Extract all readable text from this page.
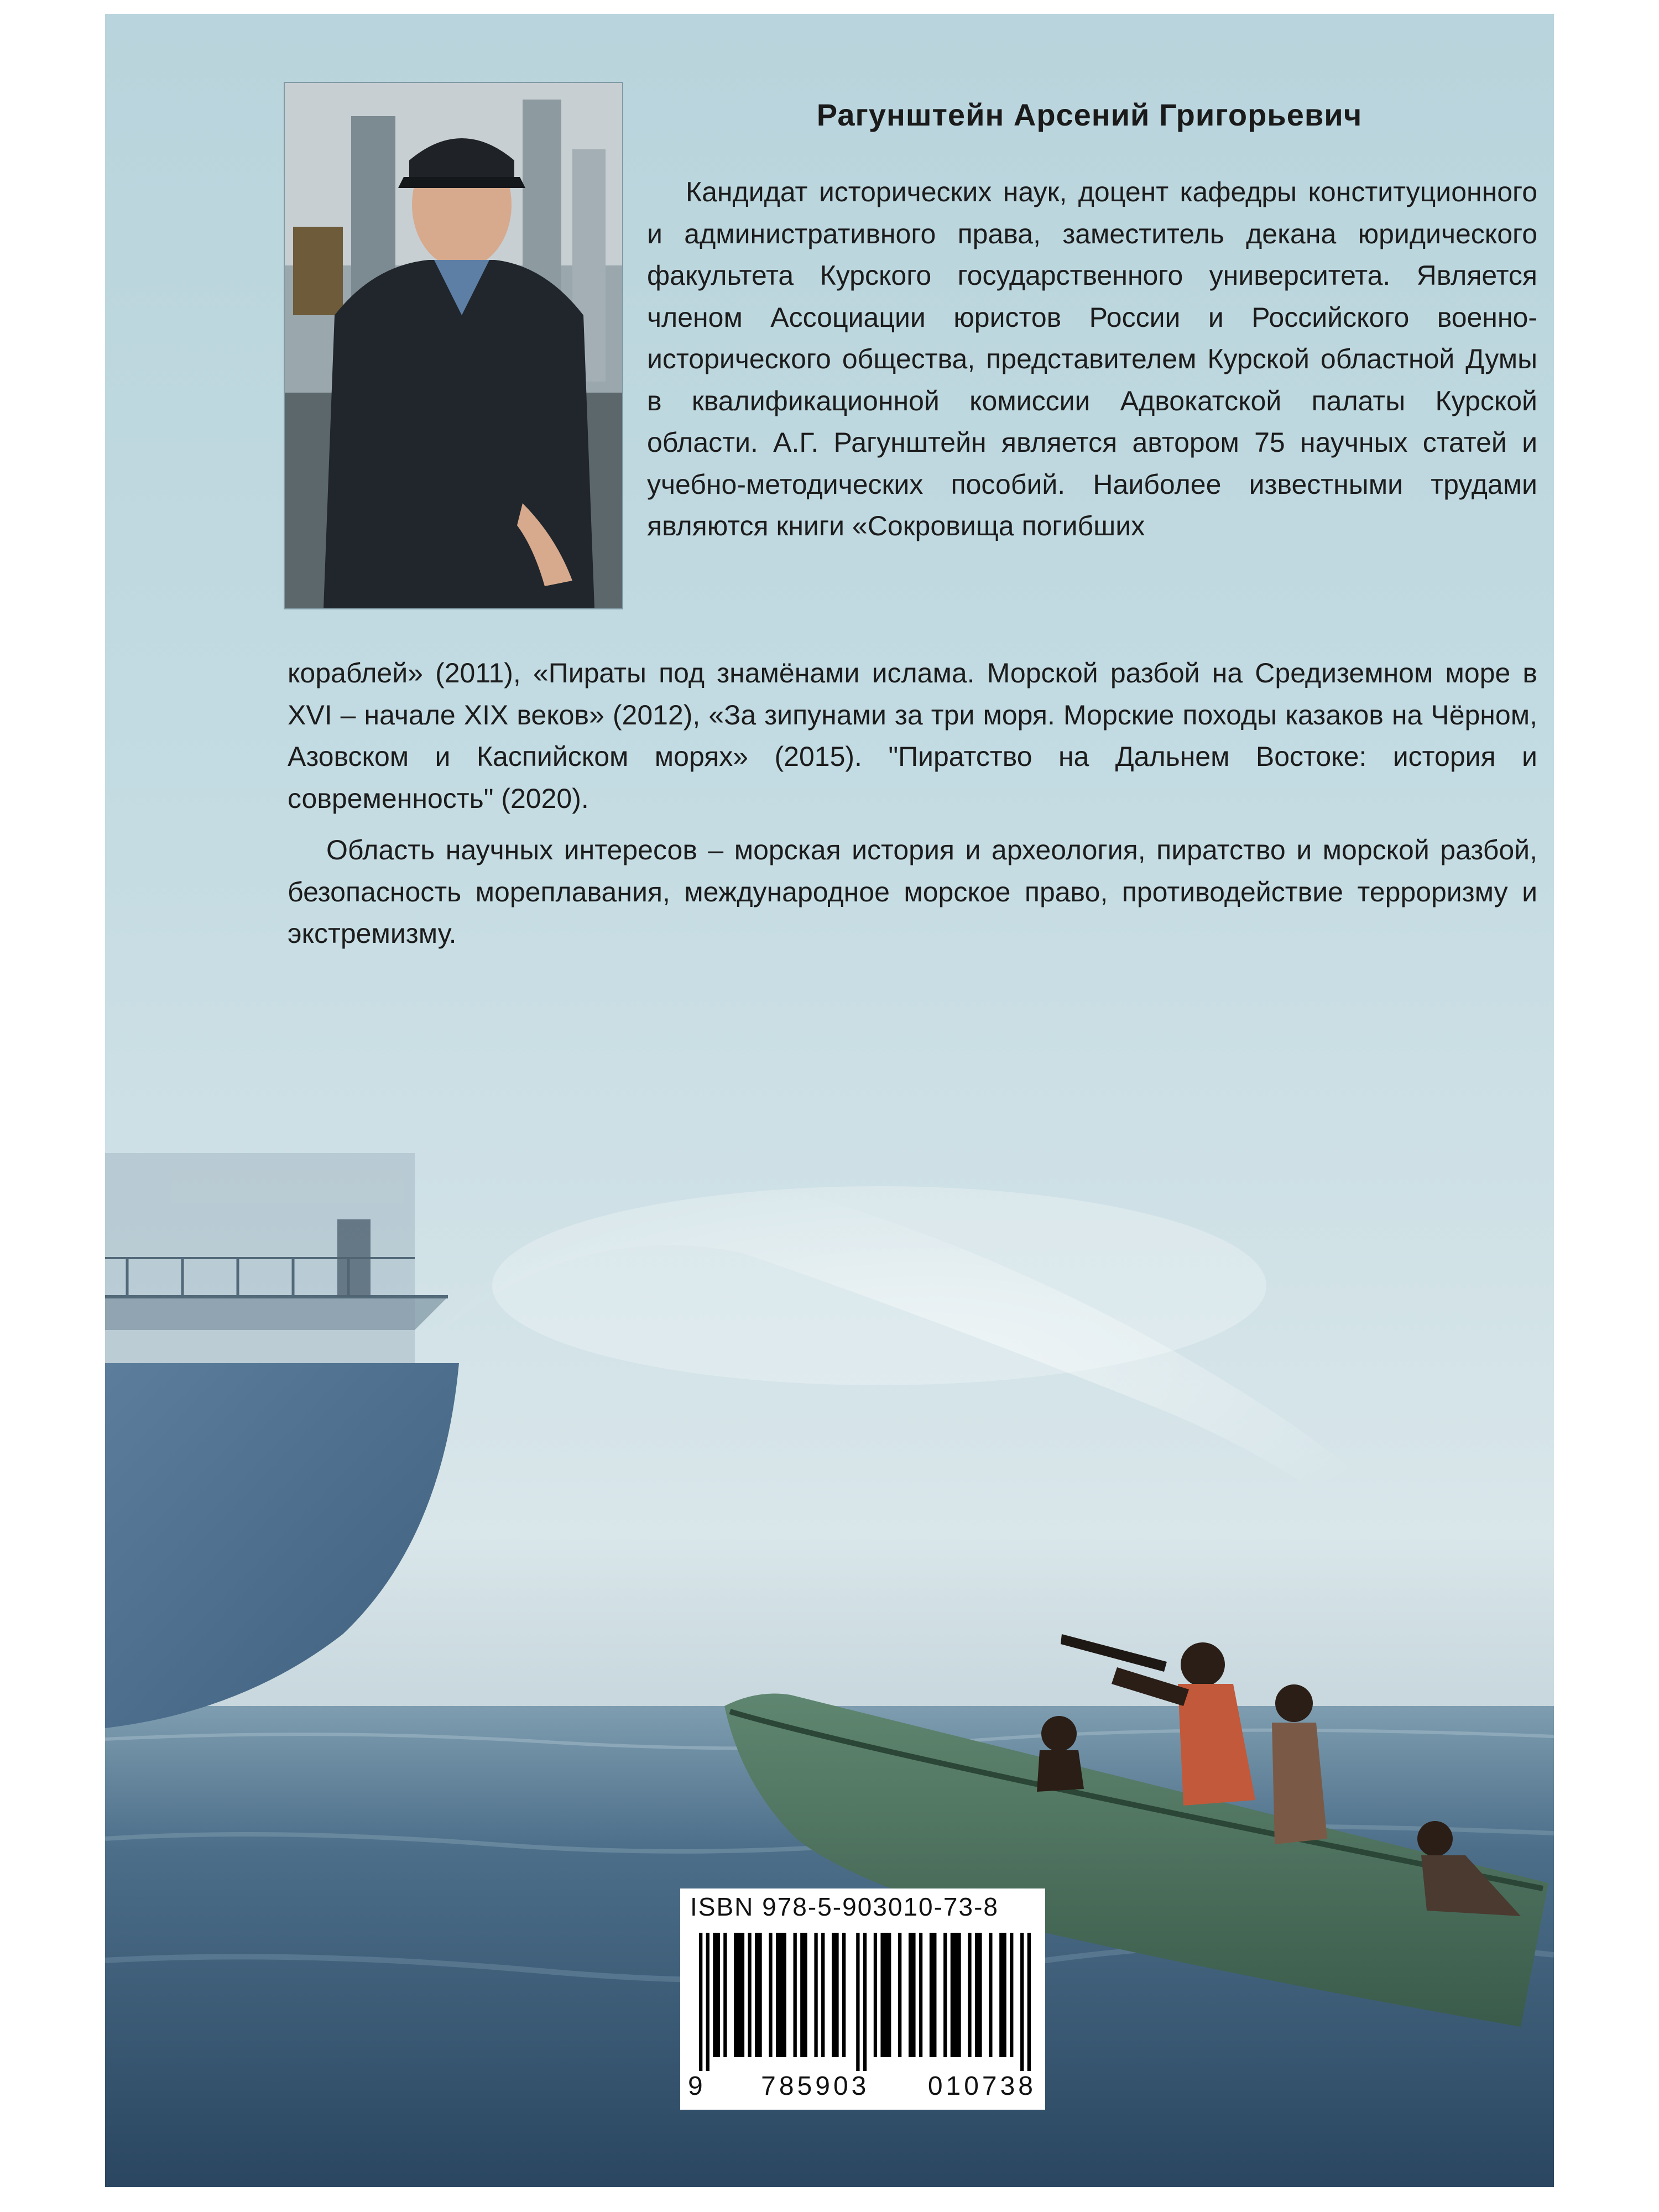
Рагунштейн Арсений Григорьевич

Кандидат исторических наук, доцент кафедры конституционного и административного права, заместитель декана юридического факультета Курского государственного университета. Является членом Ассоциации юристов России и Российского военно-исторического общества, представителем Курской областной Думы в квалификационной комиссии Адвокатской палаты Курской области. А.Г. Рагунштейн является автором 75 научных статей и учебно-методических пособий. Наиболее известными трудами являются книги «Сокровища погибших

кораблей» (2011), «Пираты под знамёнами ислама. Морской разбой на Средиземном море в XVI – начале XIX веков» (2012), «За зипунами за три моря. Морские походы казаков на Чёрном, Азовском и Каспийском морях» (2015). "Пиратство на Дальнем Востоке: история и современность" (2020).

Область научных интересов – морская история и археология, пиратство и морской разбой, безопасность мореплавания, международное морское право, противодействие терроризму и экстремизму.
ISBN 978-5-903010-73-8
9 785903 010738
